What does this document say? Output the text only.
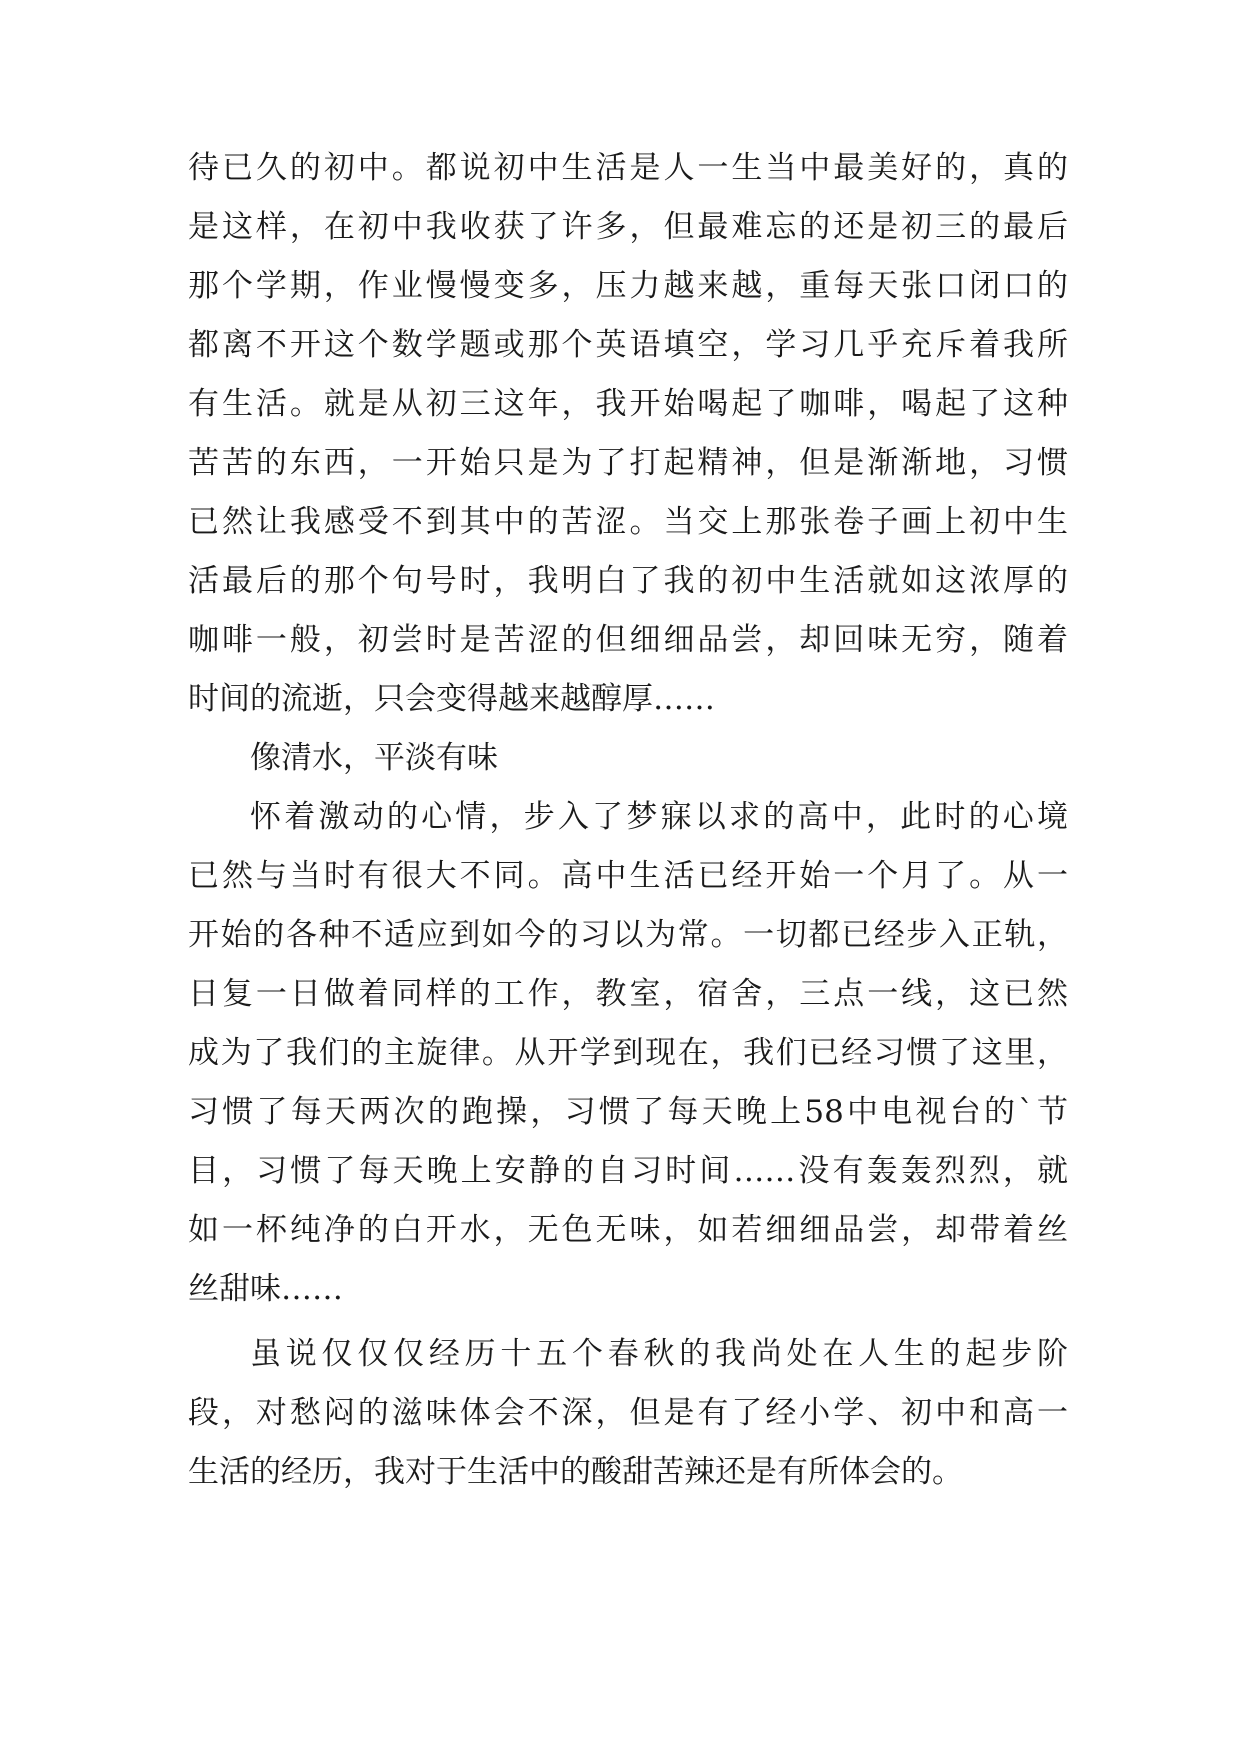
待已久的初中。都说初中生活是人一生当中最美好的，真的
是这样，在初中我收获了许多，但最难忘的还是初三的最后
那个学期，作业慢慢变多，压力越来越，重每天张口闭口的
都离不开这个数学题或那个英语填空，学习几乎充斥着我所
有生活。就是从初三这年，我开始喝起了咖啡，喝起了这种
苦苦的东西，一开始只是为了打起精神，但是渐渐地，习惯
已然让我感受不到其中的苦涩。当交上那张卷子画上初中生
活最后的那个句号时，我明白了我的初中生活就如这浓厚的
咖啡一般，初尝时是苦涩的但细细品尝，却回味无穷，随着
时间的流逝，只会变得越来越醇厚……
像清水，平淡有味
怀着激动的心情，步入了梦寐以求的高中，此时的心境
已然与当时有很大不同。高中生活已经开始一个月了。从一
开始的各种不适应到如今的习以为常。一切都已经步入正轨，
日复一日做着同样的工作，教室，宿舍，三点一线，这已然
成为了我们的主旋律。从开学到现在，我们已经习惯了这里，
习惯了每天两次的跑操，习惯了每天晚上58中电视台的`节
目，习惯了每天晚上安静的自习时间……没有轰轰烈烈，就
如一杯纯净的白开水，无色无味，如若细细品尝，却带着丝
丝甜味……
虽说仅仅仅经历十五个春秋的我尚处在人生的起步阶
段，对愁闷的滋味体会不深，但是有了经小学、初中和高一
生活的经历，我对于生活中的酸甜苦辣还是有所体会的。
